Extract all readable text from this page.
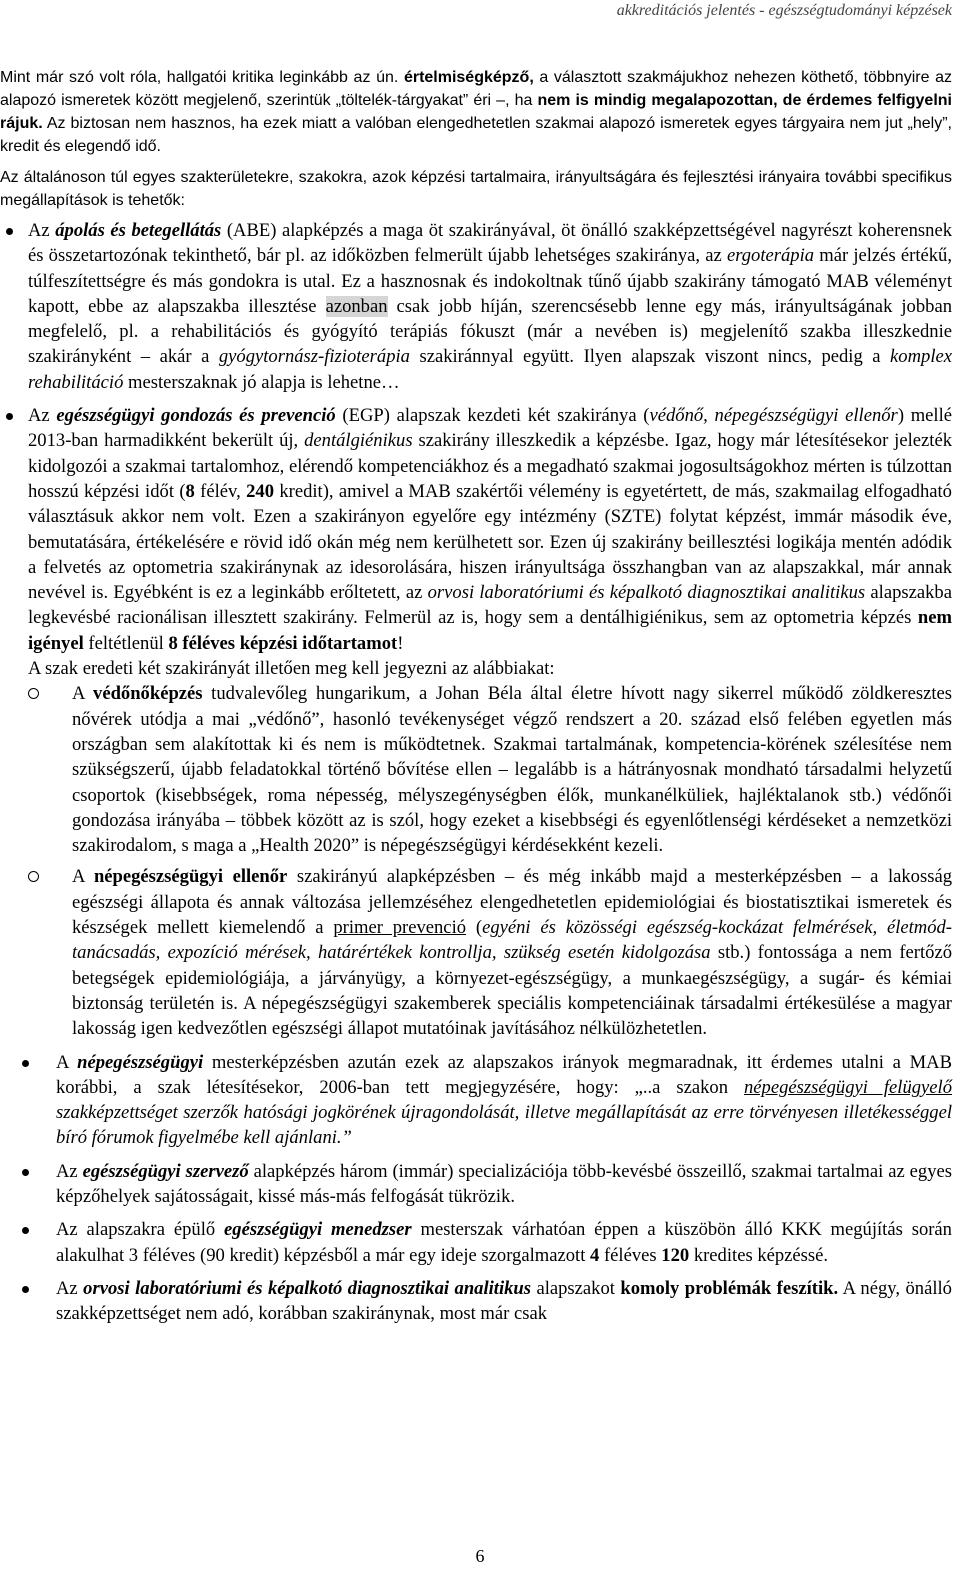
akkreditációs jelentés - egészségtudományi képzések

Mint már szó volt róla, hallgatói kritika leginkább az ún. értelmiségképző, a választott szakmájukhoz nehezen köthető, többnyire az alapozó ismeretek között megjelenő, szerintük „töltelék-tárgyakat” éri –, ha nem is mindig megalapozottan, de érdemes felfigyelni rájuk. Az biztosan nem hasznos, ha ezek miatt a valóban elengedhetetlen szakmai alapozó ismeretek egyes tárgyaira nem jut „hely”, kredit és elegendő idő.

Az általánoson túl egyes szakterületekre, szakokra, azok képzési tartalmaira, irányultságára és fejlesztési irányaira további specifikus megállapítások is tehetők:

Az ápolás és betegellátás (ABE) alapképzés a maga öt szakirányával, öt önálló szakképzettségével nagyrészt koherensnek és összetartozónak tekinthető, bár pl. az időközben felmerült újabb lehetséges szakiránya, az ergoterápia már jelzés értékű, túlfeszítettségre és más gondokra is utal. Ez a hasznosnak és indokoltnak tűnő újabb szakirány támogató MAB véleményt kapott, ebbe az alapszakba illesztése azonban csak jobb híján, szerencsésebb lenne egy más, irányultságának jobban megfelelő, pl. a rehabilitációs és gyógyító terápiás fókuszt (már a nevében is) megjelenítő szakba illeszkednie szakirányként – akár a gyógytornász-fizioterápia szakiránnyal együtt. Ilyen alapszak viszont nincs, pedig a komplex rehabilitáció mesterszaknak jó alapja is lehetne…
Az egészségügyi gondozás és prevenció (EGP) alapszak kezdeti két szakiránya (védőnő, népegészségügyi ellenőr) mellé 2013-ban harmadikként bekerült új, dentálgiénikus szakirány illeszkedik a képzésbe. Igaz, hogy már létesítésekor jelezték kidolgozói a szakmai tartalomhoz, elérendő kompetenciákhoz és a megadható szakmai jogosultságokhoz mérten is túlzottan hosszú képzési időt (8 félév, 240 kredit), amivel a MAB szakértői vélemény is egyetértett, de más, szakmailag elfogadható választásuk akkor nem volt. Ezen a szakirányon egyelőre egy intézmény (SZTE) folytat képzést, immár második éve, bemutatására, értékelésére e rövid idő okán még nem kerülhetett sor. Ezen új szakirány beillesztési logikája mentén adódik a felvetés az optometria szakiránynak az idesorolására, hiszen irányultsága összhangban van az alapszakkal, már annak nevével is. Egyébként is ez a leginkább erőltetett, az orvosi laboratóriumi és képalkotó diagnosztikai analitikus alapszakba legkevésbé racionálisan illesztett szakirány. Felmerül az is, hogy sem a dentálhigiénikus, sem az optometria képzés nem igényel feltétlenül 8 féléves képzési időtartamot!
A szak eredeti két szakirányát illetően meg kell jegyezni az alábbiakat:
A védőnőképzés tudvalevőleg hungarikum, a Johan Béla által életre hívott nagy sikerrel működő zöldkeresztes nővérek utódja a mai „védőnő”, hasonló tevékenységet végző rendszert a 20. század első felében egyetlen más országban sem alakítottak ki és nem is működtetnek. Szakmai tartalmának, kompetencia-körének szélesítése nem szükségszerű, újabb feladatokkal történő bővítése ellen – legalább is a hátrányosnak mondható társadalmi helyzetű csoportok (kisebbségek, roma népesség, mélyszegénységben élők, munkanélküliek, hajléktalanok stb.) védőnői gondozása irányába – többek között az is szól, hogy ezeket a kisebbségi és egyenlőtlenségi kérdéseket a nemzetközi szakirodalom, s maga a „Health 2020” is népegészségügyi kérdésekként kezeli.
A népegészségügyi ellenőr szakirányú alapképzésben – és még inkább majd a mesterképzésben – a lakosság egészségi állapota és annak változása jellemzéséhez elengedhetetlen epidemiológiai és biostatisztikai ismeretek és készségek mellett kiemelendő a primer prevenció (egyéni és közösségi egészség-kockázat felmérések, életmód-tanácsadás, expozíció mérések, határértékek kontrollja, szükség esetén kidolgozása stb.) fontossága a nem fertőző betegségek epidemiológiája, a járványügy, a környezet-egészségügy, a munkaegészségügy, a sugár- és kémiai biztonság területén is. A népegészségügyi szakemberek speciális kompetenciáinak társadalmi értékesülése a magyar lakosság igen kedvezőtlen egészségi állapot mutatóinak javításához nélkülözhetetlen.
A népegészségügyi mesterképzésben azután ezek az alapszakos irányok megmaradnak, itt érdemes utalni a MAB korábbi, a szak létesítésekor, 2006-ban tett megjegyzésére, hogy: „..a szakon népegészségügyi felügyelő szakképzettséget szerzők hatósági jogkörének újragondolását, illetve megállapítását az erre törvényesen illetékességgel bíró fórumok figyelmébe kell ajánlani.”
Az egészségügyi szervező alapképzés három (immár) specializációja több-kevésbé összeillő, szakmai tartalmai az egyes képzőhelyek sajátosságait, kissé más-más felfogását tükrözik.
Az alapszakra épülő egészségügyi menedzser mesterszak várhatóan éppen a küszöbön álló KKK megújítás során alakulhat 3 féléves (90 kredit) képzésből a már egy ideje szorgalmazott 4 féléves 120 kredites képzéssé.
Az orvosi laboratóriumi és képalkotó diagnosztikai analitikus alapszakot komoly problémák feszítik. A négy, önálló szakképzettséget nem adó, korábban szakiránynak, most már csak
6
